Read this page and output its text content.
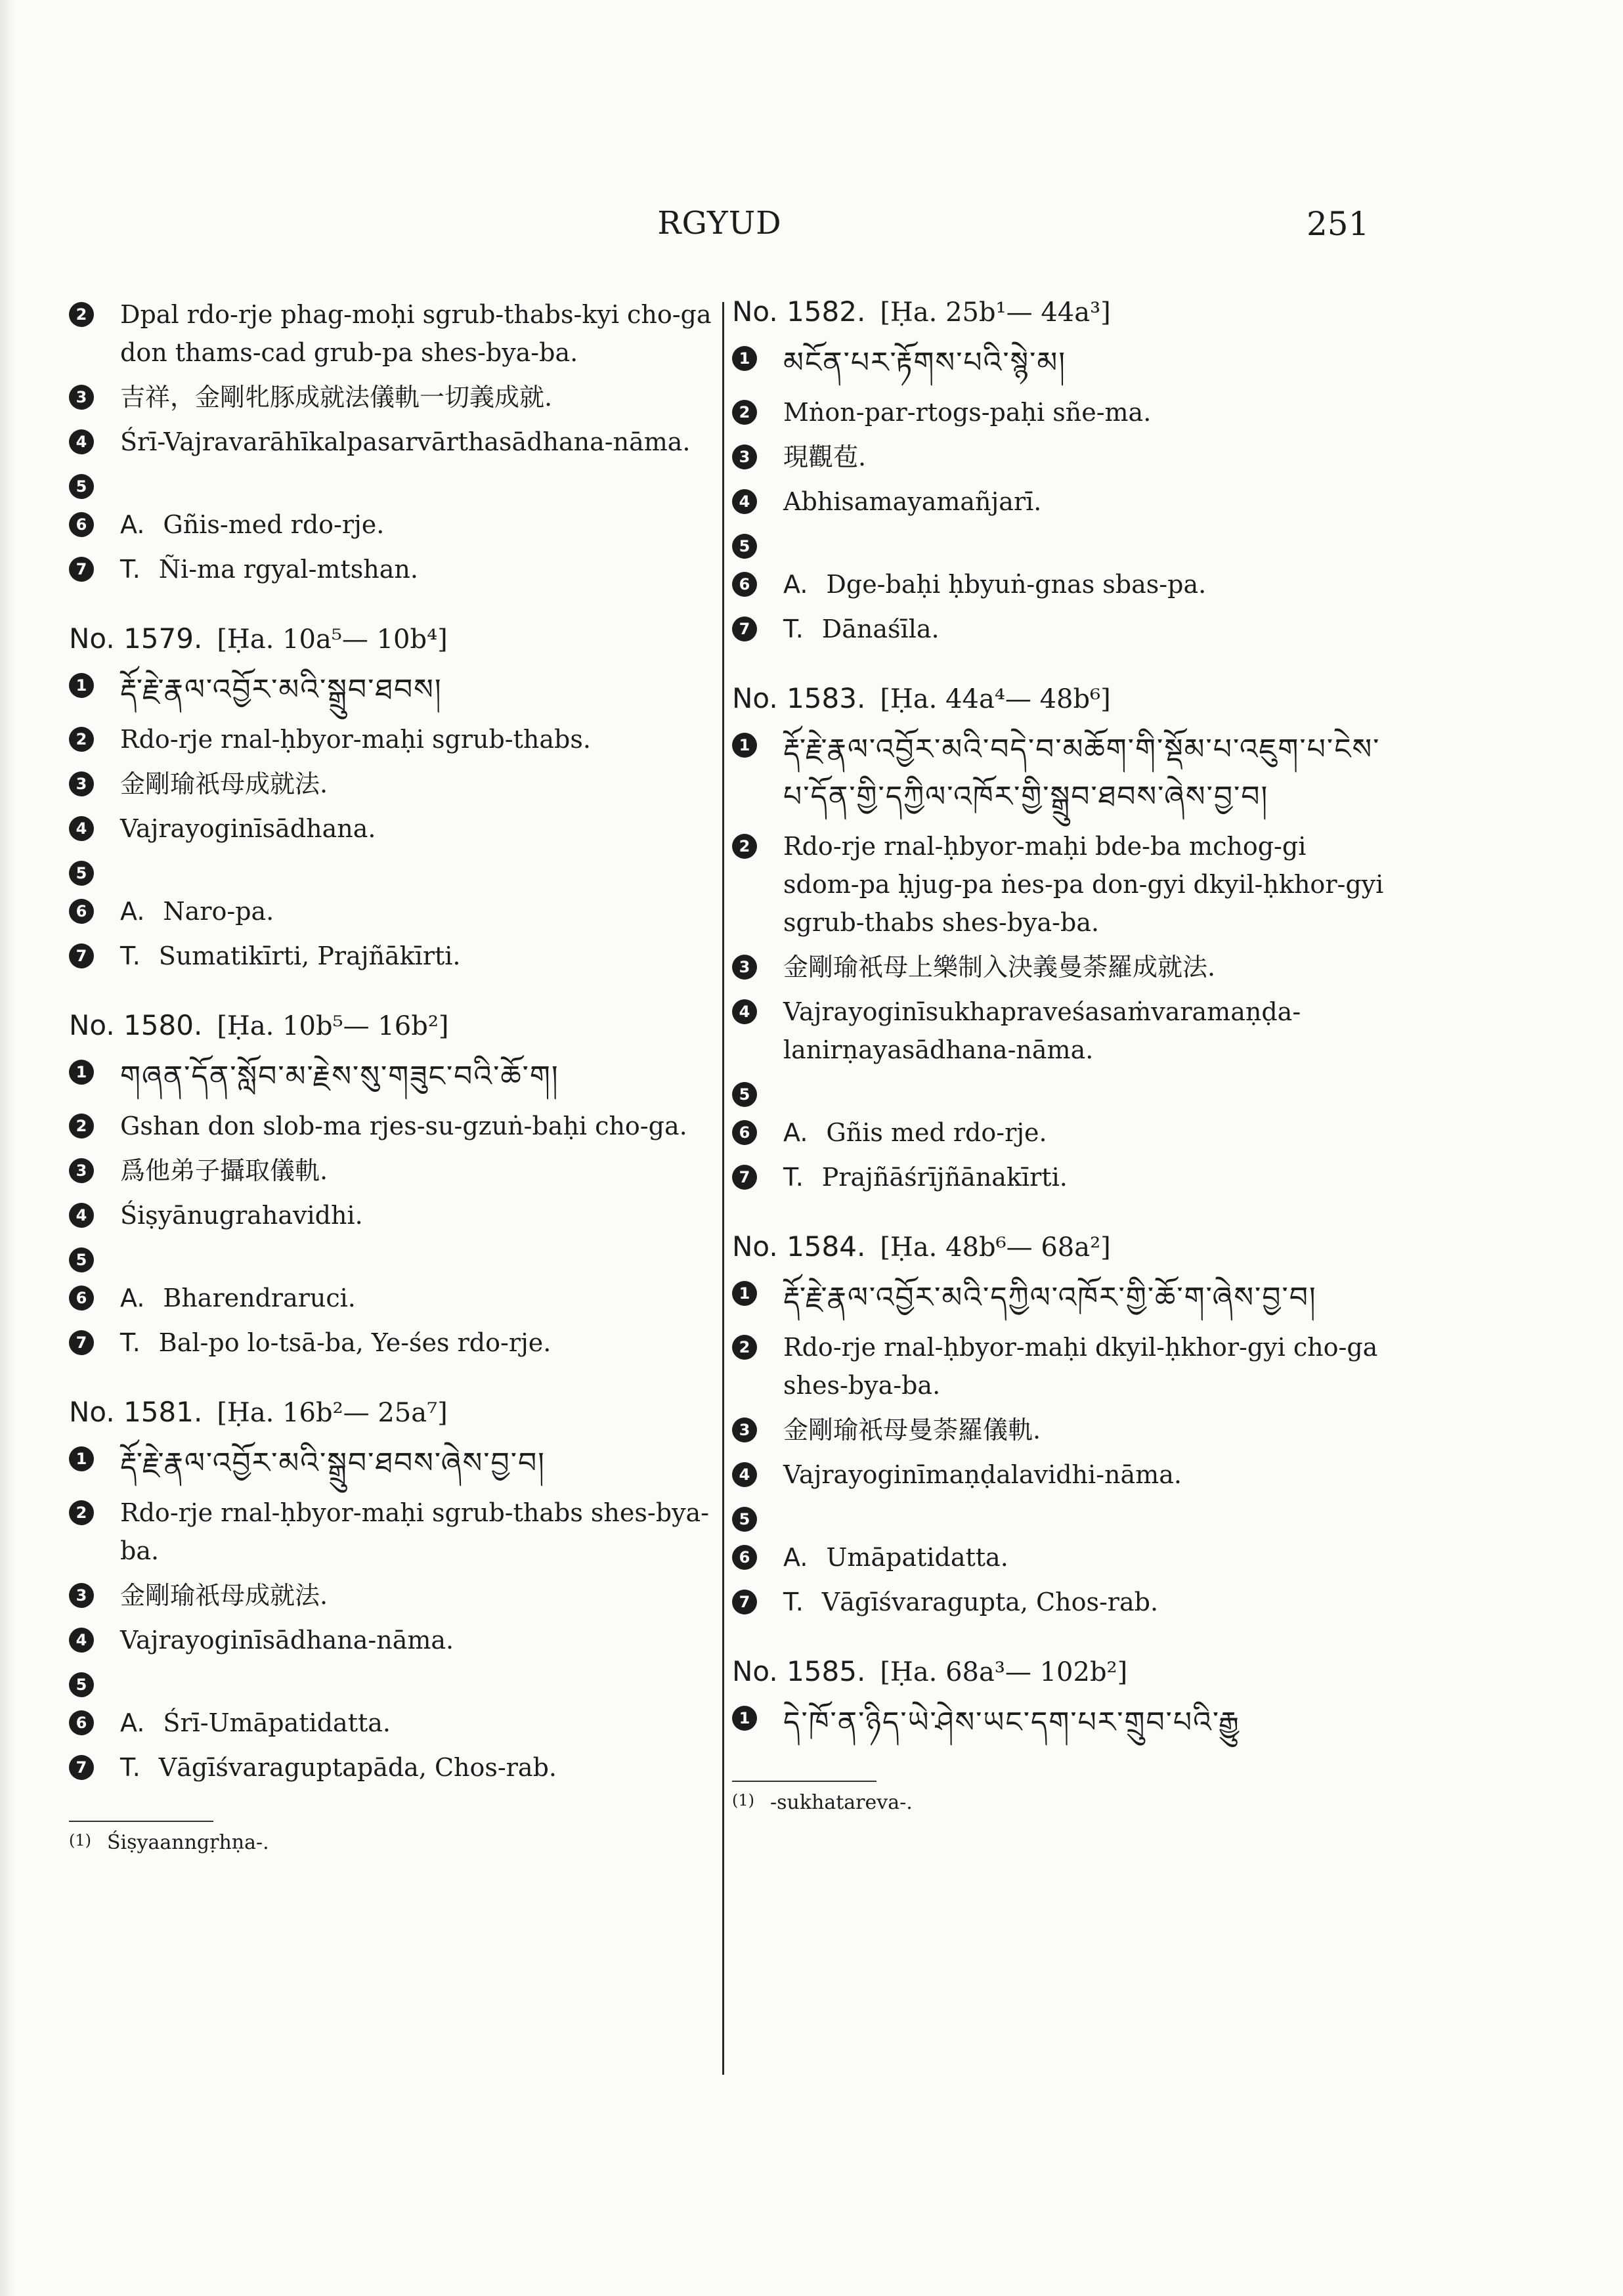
RGYUD	251
2 Dpal rdo-rje phag-moḥi sgrub-thabs-kyi cho-ga don thams-cad grub-pa shes-bya-ba.
3 吉祥，金剛牝豚成就法儀軌一切義成就.
4 Śrī-Vajravarāhīkalpasarvārthasādhana-nāma.
5
6 A. Gñis-med rdo-rje.
7 T. Ñi-ma rgyal-mtshan.
No. 1579. [Ḥa. 10a⁵— 10b⁴]
1 རྡོ་རྗེ་རྣལ་འབྱོར་མའི་སྒྲུབ་ཐབས།
2 Rdo-rje rnal-ḥbyor-maḥi sgrub-thabs.
3 金剛瑜祇母成就法.
4 Vajrayoginīsādhana.
5
6 A. Naro-pa.
7 T. Sumatikīrti, Prajñākīrti.
No. 1580. [Ḥa. 10b⁵— 16b²]
1 གཞན་དོན་སློབ་མ་རྗེས་སུ་གཟུང་བའི་ཆོ་ག།
2 Gshan don slob-ma rjes-su-gzuṅ-baḥi cho-ga.
3 爲他弟子攝取儀軌.
4 Śiṣyānugrahavidhi.
5
6 A. Bharendraruci.
7 T. Bal-po lo-tsā-ba, Ye-śes rdo-rje.
No. 1581. [Ḥa. 16b²— 25a⁷]
1 རྡོ་རྗེ་རྣལ་འབྱོར་མའི་སྒྲུབ་ཐབས་ཞེས་བྱ་བ།
2 Rdo-rje rnal-ḥbyor-maḥi sgrub-thabs shes-bya-ba.
3 金剛瑜祇母成就法.
4 Vajrayoginīsādhana-nāma.
5
6 A. Śrī-Umāpatidatta.
7 T. Vāgīśvaraguptapāda, Chos-rab.
(1) Śiṣyaanngṛhṇa-.
No. 1582. [Ḥa. 25b¹— 44a³]
1 མངོན་པར་རྟོགས་པའི་སྙེ་མ།
2 Mṅon-par-rtogs-paḥi sñe-ma.
3 現觀苞.
4 Abhisamayamañjarī.
5
6 A. Dge-baḥi ḥbyuṅ-gnas sbas-pa.
7 T. Dānaśīla.
No. 1583. [Ḥa. 44a⁴— 48b⁶]
1 རྡོ་རྗེ་རྣལ་འབྱོར་མའི་བདེ་བ་མཆོག་གི་སྡོམ་པ་འཇུག་པ་ངེས་པ་དོན་གྱི་དཀྱིལ་འཁོར་གྱི་སྒྲུབ་ཐབས་ཞེས་བྱ་བ།
2 Rdo-rje rnal-ḥbyor-maḥi bde-ba mchog-gi sdom-pa ḥjug-pa ṅes-pa don-gyi dkyil-ḥkhor-gyi sgrub-thabs shes-bya-ba.
3 金剛瑜祇母上樂制入決義曼荼羅成就法.
4 Vajrayoginīsukhapraveśasaṁvaramaṇḍa-lanirṇayasādhana-nāma.
5
6 A. Gñis med rdo-rje.
7 T. Prajñāśrījñānakīrti.
No. 1584. [Ḥa. 48b⁶— 68a²]
1 རྡོ་རྗེ་རྣལ་འབྱོར་མའི་དཀྱིལ་འཁོར་གྱི་ཆོ་ག་ཞེས་བྱ་བ།
2 Rdo-rje rnal-ḥbyor-maḥi dkyil-ḥkhor-gyi cho-ga shes-bya-ba.
3 金剛瑜祇母曼荼羅儀軌.
4 Vajrayoginīmaṇḍalavidhi-nāma.
5
6 A. Umāpatidatta.
7 T. Vāgīśvaragupta, Chos-rab.
No. 1585. [Ḥa. 68a³— 102b²]
1 དེ་ཁོ་ན་ཉིད་ཡེ་ཤེས་ཡང་དག་པར་གྲུབ་པའི་རྒྱུ
(1) -sukhatareva-.
